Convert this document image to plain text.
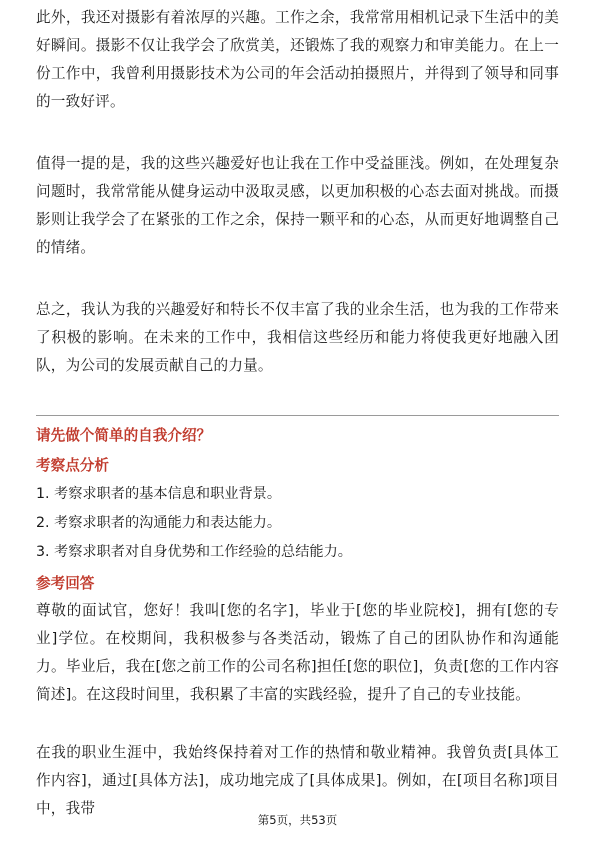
此外，我还对摄影有着浓厚的兴趣。工作之余，我常常用相机记录下生活中的美好瞬间。摄影不仅让我学会了欣赏美，还锻炼了我的观察力和审美能力。在上一份工作中，我曾利用摄影技术为公司的年会活动拍摄照片，并得到了领导和同事的一致好评。

值得一提的是，我的这些兴趣爱好也让我在工作中受益匪浅。例如，在处理复杂问题时，我常常能从健身运动中汲取灵感，以更加积极的心态去面对挑战。而摄影则让我学会了在紧张的工作之余，保持一颗平和的心态，从而更好地调整自己的情绪。

总之，我认为我的兴趣爱好和特长不仅丰富了我的业余生活，也为我的工作带来了积极的影响。在未来的工作中，我相信这些经历和能力将使我更好地融入团队，为公司的发展贡献自己的力量。

请先做个简单的自我介绍？
考察点分析
1. 考察求职者的基本信息和职业背景。
2. 考察求职者的沟通能力和表达能力。
3. 考察求职者对自身优势和工作经验的总结能力。
参考回答

尊敬的面试官，您好！我叫[您的名字]，毕业于[您的毕业院校]，拥有[您的专业]学位。在校期间，我积极参与各类活动，锻炼了自己的团队协作和沟通能力。毕业后，我在[您之前工作的公司名称]担任[您的职位]，负责[您的工作内容简述]。在这段时间里，我积累了丰富的实践经验，提升了自己的专业技能。

在我的职业生涯中，我始终保持着对工作的热情和敬业精神。我曾负责[具体工作内容]，通过[具体方法]，成功地完成了[具体成果]。例如，在[项目名称]项目中，我带

第5页，共53页
